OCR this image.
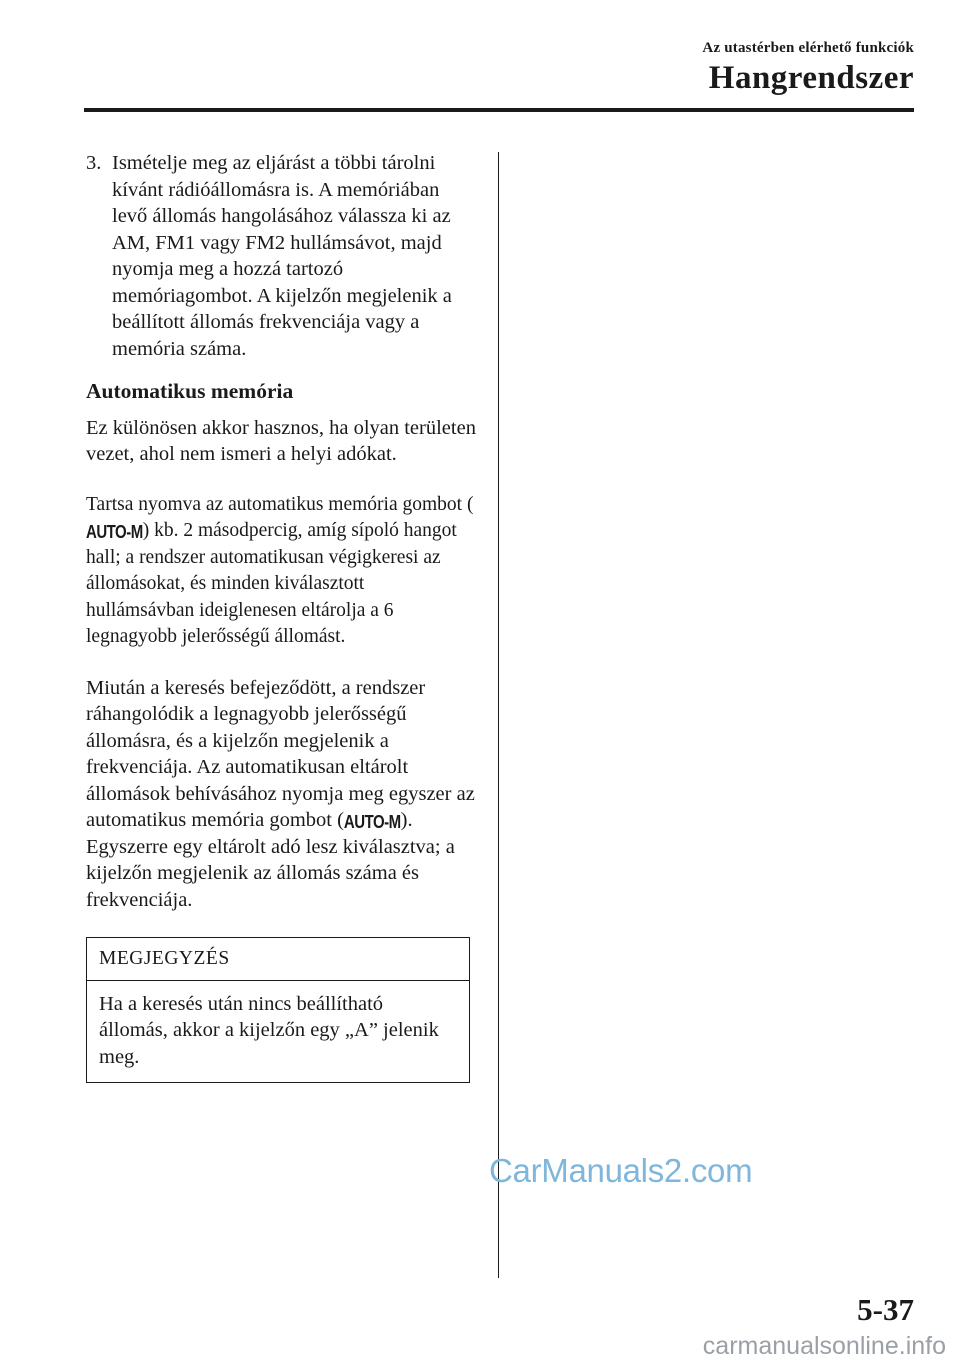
Az utastérben elérhető funkciók
Hangrendszer
3. Ismételje meg az eljárást a többi tárolni kívánt rádióállomásra is. A memóriában levő állomás hangolásához válassza ki az AM, FM1 vagy FM2 hullámsávot, majd nyomja meg a hozzá tartozó memóriagombot. A kijelzőn megjelenik a beállított állomás frekvenciája vagy a memória száma.
Automatikus memória
Ez különösen akkor hasznos, ha olyan területen vezet, ahol nem ismeri a helyi adókat.
Tartsa nyomva az automatikus memória gombot (AUTO-M) kb. 2 másodpercig, amíg sípoló hangot hall; a rendszer automatikusan végigkeresi az állomásokat, és minden kiválasztott hullámsávban ideiglenesen eltárolja a 6 legnagyobb jelerősségű állomást.
Miután a keresés befejeződött, a rendszer ráhangolódik a legnagyobb jelerősségű állomásra, és a kijelzőn megjelenik a frekvenciája. Az automatikusan eltárolt állomások behívásához nyomja meg egyszer az automatikus memória gombot (AUTO-M). Egyszerre egy eltárolt adó lesz kiválasztva; a kijelzőn megjelenik az állomás száma és frekvenciája.
MEGJEGYZÉS
Ha a keresés után nincs beállítható állomás, akkor a kijelzőn egy „A” jelenik meg.
CarManuals2.com
5-37
carmanualsonline.info
